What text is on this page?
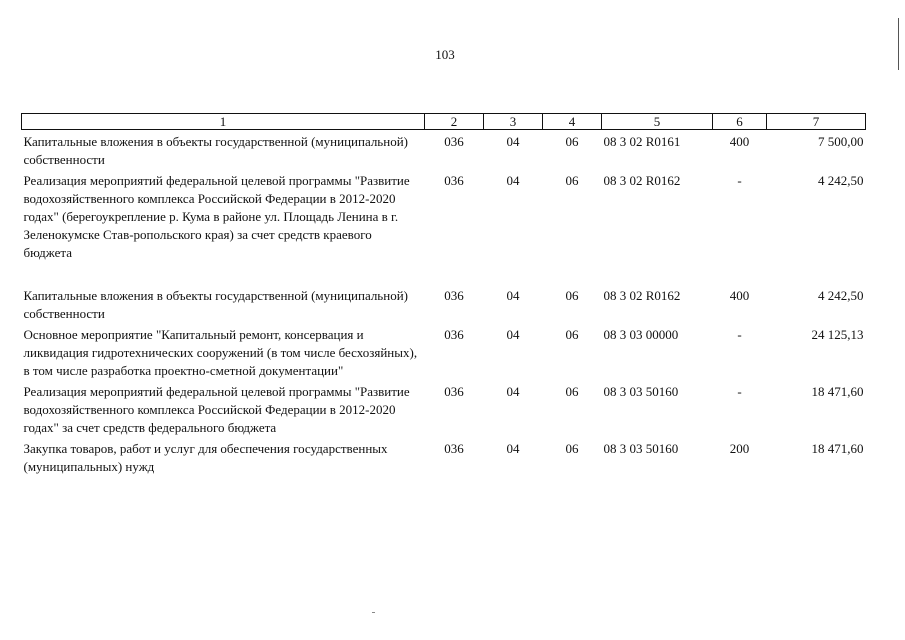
103
1	2	3	4	5	6	7
Капитальные вложения в объекты государственной (муниципальной) собственности	036	04	06	08 3 02 R0161	400	7 500,00
Реализация мероприятий федеральной целевой программы "Развитие водохозяйственного комплекса Российской Федерации в 2012-2020 годах" (берегоукрепление р. Кума в районе ул. Площадь Ленина в г. Зеленокумске Став-ропольского края) за счет средств краевого бюджета	036	04	06	08 3 02 R0162	-	4 242,50
Капитальные вложения в объекты государственной (муниципальной) собственности	036	04	06	08 3 02 R0162	400	4 242,50
Основное мероприятие "Капитальный ремонт, консервация и ликвидация гидротехнических сооружений (в том числе бесхозяйных), в том числе разработка проектно-сметной документации"	036	04	06	08 3 03 00000	-	24 125,13
Реализация мероприятий федеральной целевой программы "Развитие водохозяйственного комплекса Российской Федерации в 2012-2020 годах" за счет средств федерального бюджета	036	04	06	08 3 03 50160	-	18 471,60
Закупка товаров, работ и услуг для обеспечения государственных (муниципальных) нужд	036	04	06	08 3 03 50160	200	18 471,60
